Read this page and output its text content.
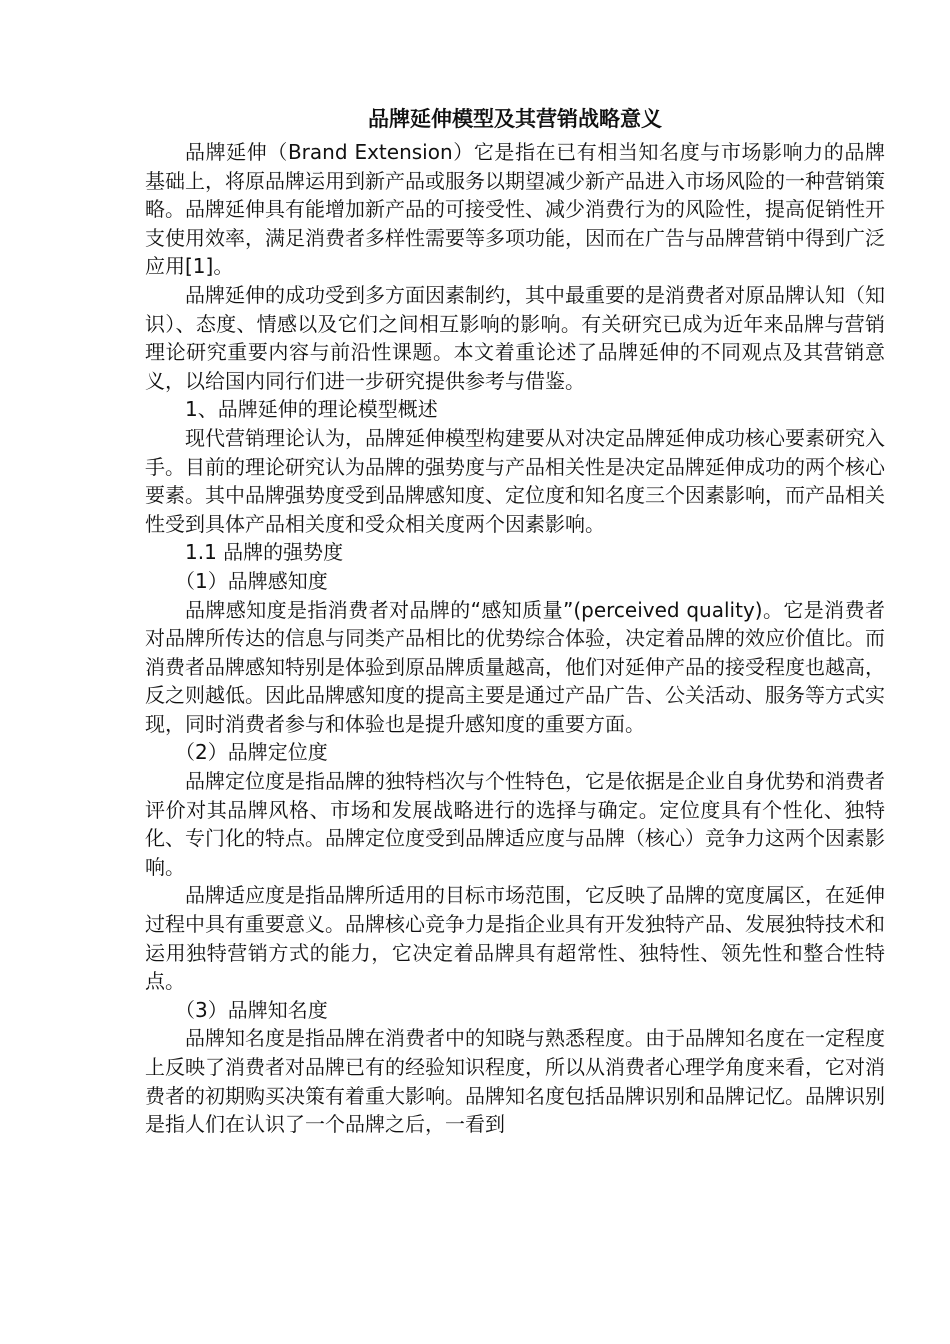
品牌延伸模型及其营销战略意义

品牌延伸（Brand Extension）它是指在已有相当知名度与市场影响力的品牌基础上，将原品牌运用到新产品或服务以期望减少新产品进入市场风险的一种营销策略。品牌延伸具有能增加新产品的可接受性、减少消费行为的风险性，提高促销性开支使用效率，满足消费者多样性需要等多项功能，因而在广告与品牌营销中得到广泛应用[1]。

品牌延伸的成功受到多方面因素制约，其中最重要的是消费者对原品牌认知（知识）、态度、情感以及它们之间相互影响的影响。有关研究已成为近年来品牌与营销理论研究重要内容与前沿性课题。本文着重论述了品牌延伸的不同观点及其营销意义，以给国内同行们进一步研究提供参考与借鉴。

1、品牌延伸的理论模型概述

现代营销理论认为，品牌延伸模型构建要从对决定品牌延伸成功核心要素研究入手。目前的理论研究认为品牌的强势度与产品相关性是决定品牌延伸成功的两个核心要素。其中品牌强势度受到品牌感知度、定位度和知名度三个因素影响，而产品相关性受到具体产品相关度和受众相关度两个因素影响。

1.1 品牌的强势度

（1）品牌感知度

品牌感知度是指消费者对品牌的“感知质量”(perceived quality)。它是消费者对品牌所传达的信息与同类产品相比的优势综合体验，决定着品牌的效应价值比。而消费者品牌感知特别是体验到原品牌质量越高，他们对延伸产品的接受程度也越高，反之则越低。因此品牌感知度的提高主要是通过产品广告、公关活动、服务等方式实现，同时消费者参与和体验也是提升感知度的重要方面。

（2）品牌定位度

品牌定位度是指品牌的独特档次与个性特色，它是依据是企业自身优势和消费者评价对其品牌风格、市场和发展战略进行的选择与确定。定位度具有个性化、独特化、专门化的特点。品牌定位度受到品牌适应度与品牌（核心）竞争力这两个因素影响。

品牌适应度是指品牌所适用的目标市场范围，它反映了品牌的宽度属区，在延伸过程中具有重要意义。品牌核心竞争力是指企业具有开发独特产品、发展独特技术和运用独特营销方式的能力，它决定着品牌具有超常性、独特性、领先性和整合性特点。

（3）品牌知名度

品牌知名度是指品牌在消费者中的知晓与熟悉程度。由于品牌知名度在一定程度上反映了消费者对品牌已有的经验知识程度，所以从消费者心理学角度来看，它对消费者的初期购买决策有着重大影响。品牌知名度包括品牌识别和品牌记忆。品牌识别是指人们在认识了一个品牌之后，一看到
